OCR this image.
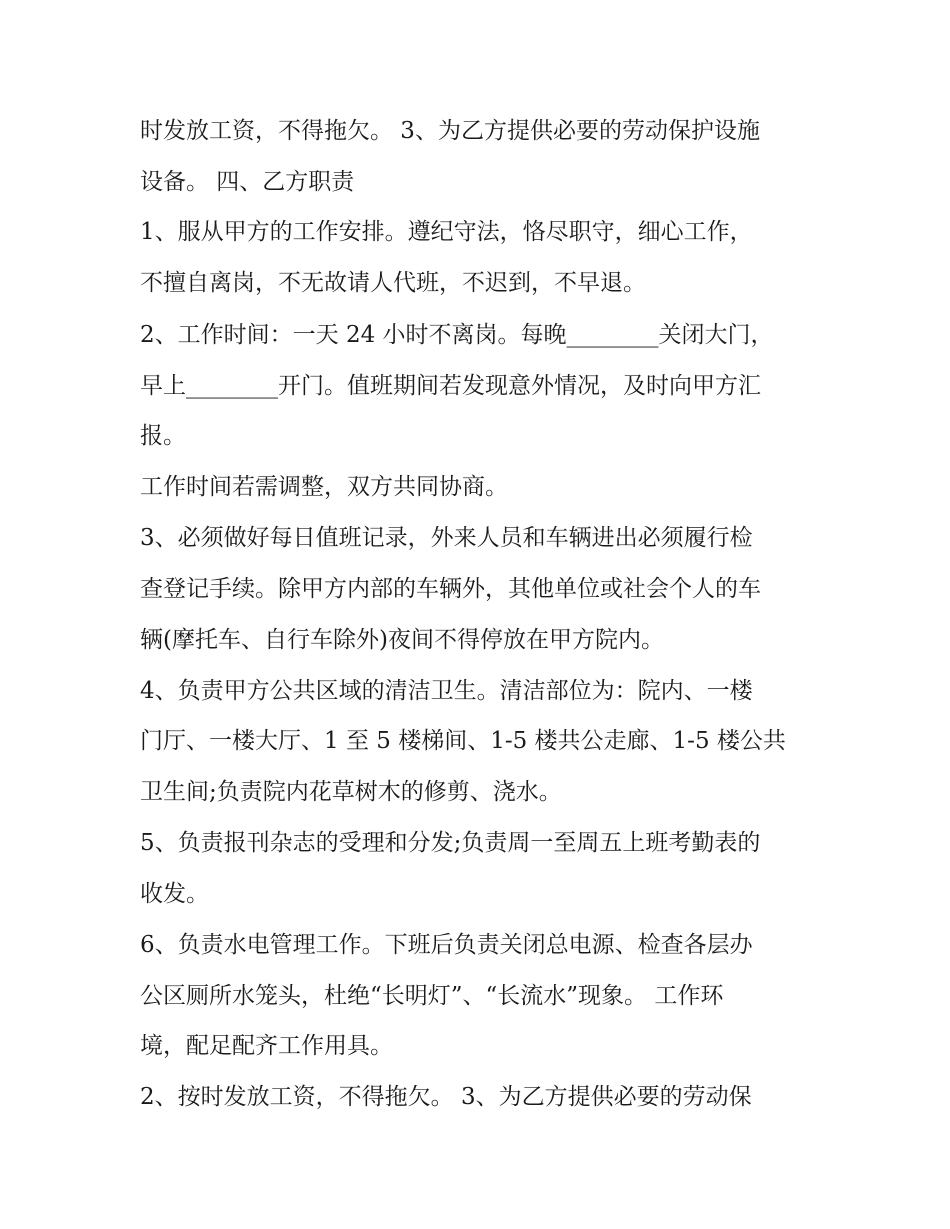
时发放工资，不得拖欠。 3、为乙方提供必要的劳动保护设施
设备。 四、乙方职责
1、服从甲方的工作安排。遵纪守法，恪尽职守，细心工作，
不擅自离岗，不无故请人代班，不迟到，不早退。
2、工作时间：一天 24 小时不离岗。每晚________关闭大门，
早上________开门。值班期间若发现意外情况，及时向甲方汇
报。
工作时间若需调整，双方共同协商。
3、必须做好每日值班记录，外来人员和车辆进出必须履行检
查登记手续。除甲方内部的车辆外，其他单位或社会个人的车
辆(摩托车、自行车除外)夜间不得停放在甲方院内。
4、负责甲方公共区域的清洁卫生。清洁部位为：院内、一楼
门厅、一楼大厅、1 至 5 楼梯间、1-5 楼共公走廊、1-5 楼公共
卫生间;负责院内花草树木的修剪、浇水。
5、负责报刊杂志的受理和分发;负责周一至周五上班考勤表的
收发。
6、负责水电管理工作。下班后负责关闭总电源、检查各层办
公区厕所水笼头，杜绝“长明灯”、“长流水”现象。 工作环
境，配足配齐工作用具。
2、按时发放工资，不得拖欠。 3、为乙方提供必要的劳动保
